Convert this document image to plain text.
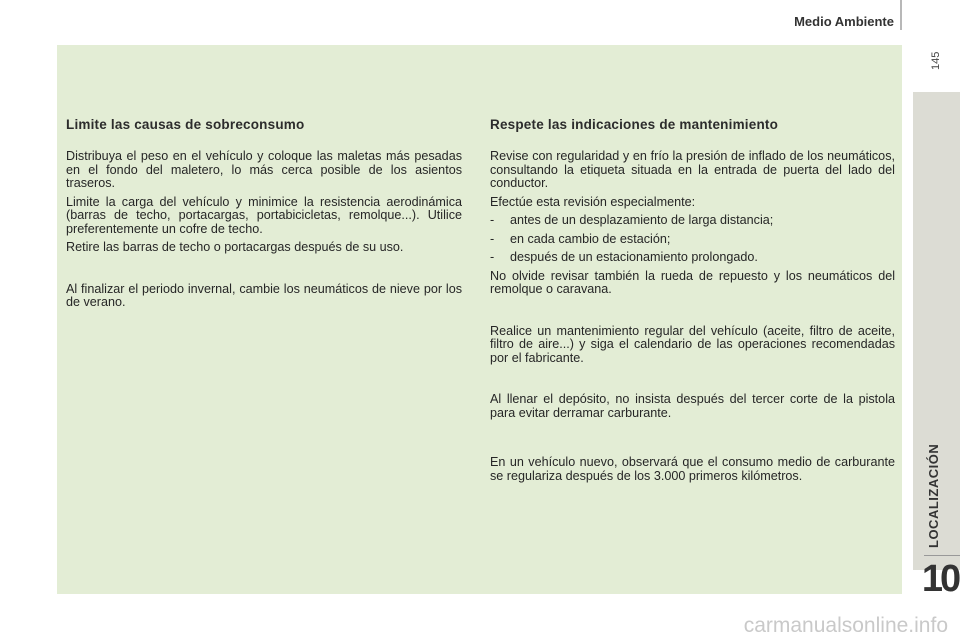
Medio Ambiente
145
LOCALIZACIÓN
10
Limite las causas de sobreconsumo

Distribuya el peso en el vehículo y coloque las maletas más pesadas en el fondo del maletero, lo más cerca posible de los asientos traseros.

Limite la carga del vehículo y minimice la resistencia aerodinámica (barras de techo, portacargas, portabicicletas, remolque...). Utilice preferentemente un cofre de techo.

Retire las barras de techo o portacargas después de su uso.

Al finalizar el periodo invernal, cambie los neumáticos de nieve por los de verano.

Respete las indicaciones de mantenimiento

Revise con regularidad y en frío la presión de inflado de los neumáticos, consultando la etiqueta situada en la entrada de puerta del lado del conductor.

Efectúe esta revisión especialmente:

-	antes de un desplazamiento de larga distancia;
-	en cada cambio de estación;
-	después de un estacionamiento prolongado.

No olvide revisar también la rueda de repuesto y los neumáticos del remolque o caravana.

Realice un mantenimiento regular del vehículo (aceite, filtro de aceite, filtro de aire...) y siga el calendario de las operaciones recomendadas por el fabricante.

Al llenar el depósito, no insista después del tercer corte de la pistola para evitar derramar carburante.

En un vehículo nuevo, observará que el consumo medio de carburante se regulariza después de los 3.000 primeros kilómetros.

carmanualsonline.info
